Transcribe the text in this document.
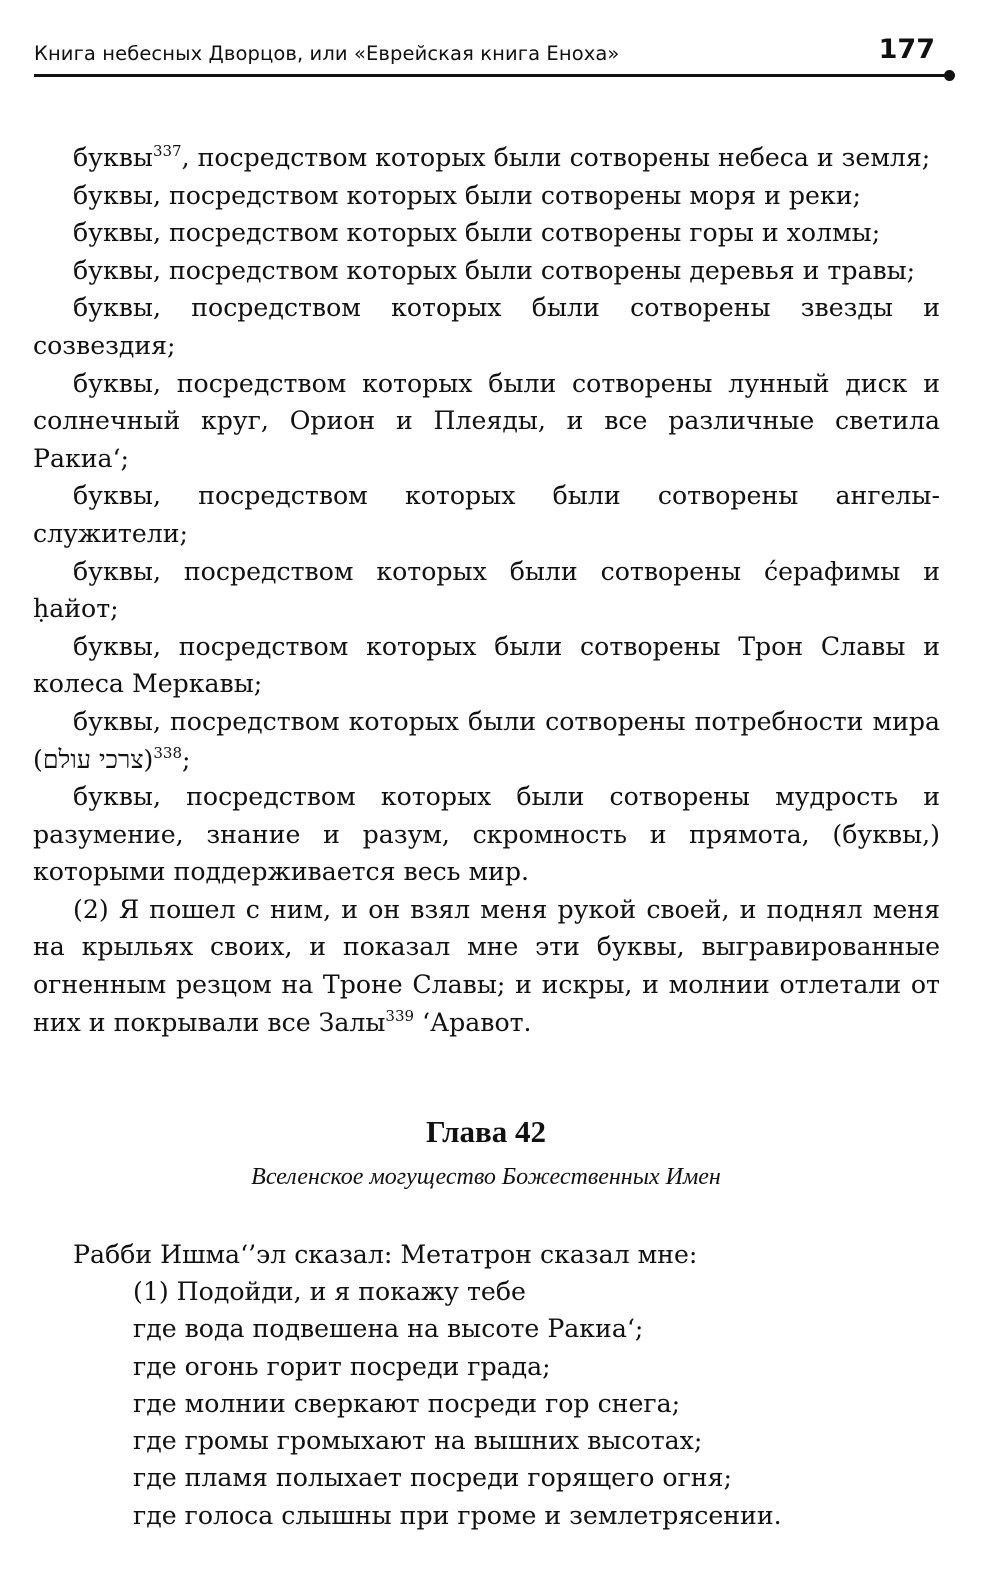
Книга небесных Дворцов, или «Еврейская книга Еноха»	177

буквы$^{337}$, посредством которых были сотворены небеса и земля;

буквы, посредством которых были сотворены моря и реки;

буквы, посредством которых были сотворены горы и холмы;

буквы, посредством которых были сотворены деревья и травы;

буквы, посредством которых были сотворены звезды и созвездия;

буквы, посредством которых были сотворены лунный диск и солнечный круг, Орион и Плеяды, и все различные светила Ракиа‘;

буквы, посредством которых были сотворены ангелы-служители;

буквы, посредством которых были сотворены ćерафимы и ḥайот;

буквы, посредством которых были сотворены Трон Славы и колеса Меркавы;

буквы, посредством которых были сотворены потребности мира (צרכי עולם)$^{338}$;

буквы, посредством которых были сотворены мудрость и разумение, знание и разум, скромность и прямота, (буквы,) которыми поддерживается весь мир.

(2) Я пошел с ним, и он взял меня рукой своей, и поднял меня на крыльях своих, и показал мне эти буквы, выгравированные огненным резцом на Троне Славы; и искры, и молнии отлетали от них и покрывали все Залы$^{339}$ ‘Аравот.

Глава 42
Вселенское могущество Божественных Имен
Рабби Ишма‘’эл сказал: Метатрон сказал мне:
(1) Подойди, и я покажу тебе
где вода подвешена на высоте Ракиа‘;
где огонь горит посреди града;
где молнии сверкают посреди гор снега;
где громы громыхают на вышних высотах;
где пламя полыхает посреди горящего огня;
где голоса слышны при громе и землетрясении.
